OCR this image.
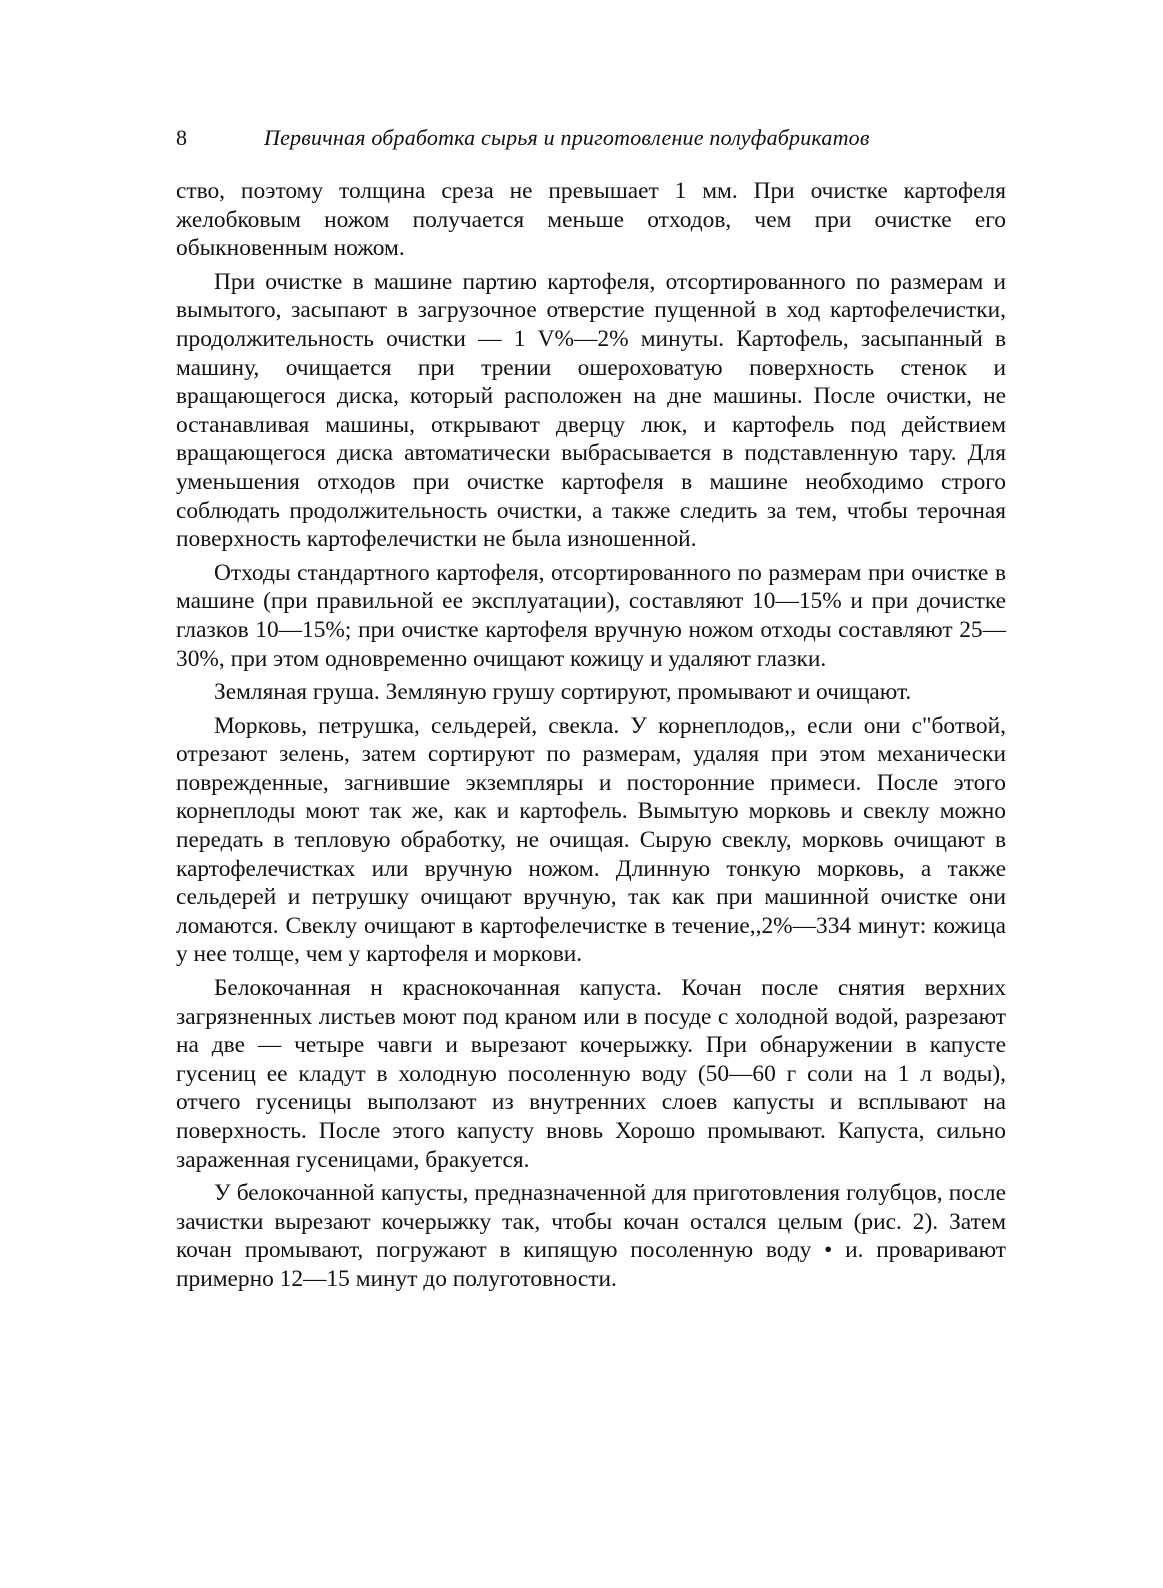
8	Первичная обработка сырья и приготовление полуфабрикатов

ство, поэтому толщина среза не превышает 1 мм. При очистке картофеля желобковым ножом получается меньше отходов, чем при очистке его обыкновенным ножом.

При очистке в машине партию картофеля, отсортированного по размерам и вымытого, засыпают в загрузочное отверстие пущенной в ход картофелечистки, продолжительность очистки — 1 V%—2% минуты. Картофель, засыпанный в машину, очищается при трении ошероховатую поверхность стенок и вращающегося диска, который расположен на дне машины. После очистки, не останавливая машины, открывают дверцу люк, и картофель под действием вращающегося диска автоматически выбрасывается в подставленную тару. Для уменьшения отходов при очистке картофеля в машине необходимо строго соблюдать продолжительность очистки, а также следить за тем, чтобы терочная поверхность картофелечистки не была изношенной.

Отходы стандартного картофеля, отсортированного по размерам при очистке в машине (при правильной ее эксплуатации), составляют 10—15% и при дочистке глазков 10—15%; при очистке картофеля вручную ножом отходы составляют 25—30%, при этом одновременно очищают кожицу и удаляют глазки.

Земляная груша. Земляную грушу сортируют, промывают и очищают.

Морковь, петрушка, сельдерей, свекла. У корнеплодов,, если они с"ботвой, отрезают зелень, затем сортируют по размерам, удаляя при этом механически поврежденные, загнившие экземпляры и посторонние примеси. После этого корнеплоды моют так же, как и картофель. Вымытую морковь и свеклу можно передать в тепловую обработку, не очищая. Сырую свеклу, морковь очищают в картофелечистках или вручную ножом. Длинную тонкую морковь, а также сельдерей и петрушку очищают вручную, так как при машинной очистке они ломаются. Свеклу очищают в картофелечистке в течение,,2%—334 минут: кожица у нее толще, чем у картофеля и моркови.

Белокочанная н краснокочанная капуста. Кочан после снятия верхних загрязненных листьев моют под краном или в посуде с холодной водой, разрезают на две — четыре чавги и вырезают кочерыжку. При обнаружении в капусте гусениц ее кладут в холодную посоленную воду (50—60 г соли на 1 л воды), отчего гусеницы выползают из внутренних слоев капусты и всплывают на поверхность. После этого капусту вновь Хорошо промывают. Капуста, сильно зараженная гусеницами, бракуется.

У белокочанной капусты, предназначенной для приготовления голубцов, после зачистки вырезают кочерыжку так, чтобы кочан остался целым (рис. 2). Затем кочан промывают, погружают в кипящую посоленную воду • и. проваривают примерно 12—15 минут до полуготовности.
